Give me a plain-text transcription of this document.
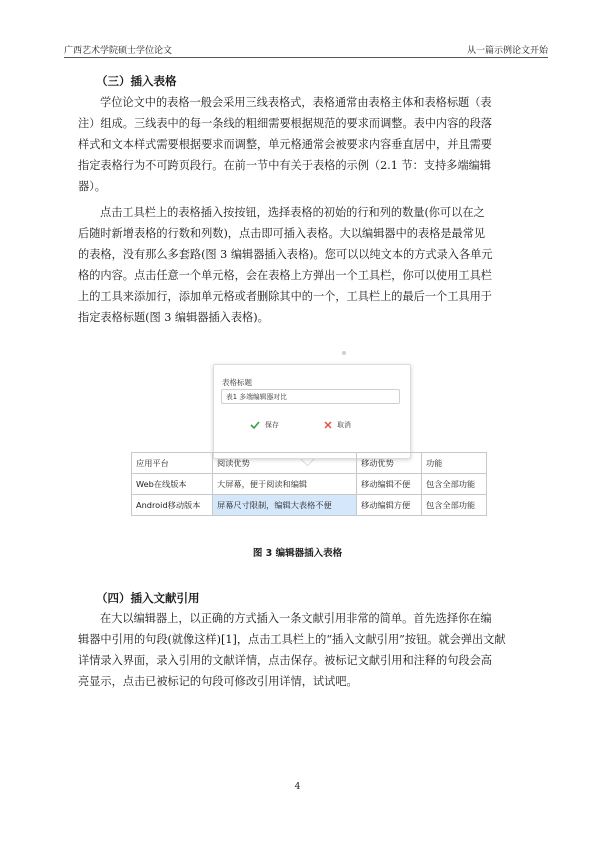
广西艺术学院硕士学位论文	从一篇示例论文开始
（三）插入表格
学位论文中的表格一般会采用三线表格式，表格通常由表格主体和表格标题（表
注）组成。三线表中的每一条线的粗细需要根据规范的要求而调整。表中内容的段落
样式和文本样式需要根据要求而调整，单元格通常会被要求内容垂直居中，并且需要
指定表格行为不可跨页段行。在前一节中有关于表格的示例（2.1 节：支持多端编辑
器）。
点击工具栏上的表格插入按按钮，选择表格的初始的行和列的数量(你可以在之
后随时新增表格的行数和列数)，点击即可插入表格。大以编辑器中的表格是最常见
的表格，没有那么多套路(图 3 编辑器插入表格)。您可以以纯文本的方式录入各单元
格的内容。点击任意一个单元格，会在表格上方弹出一个工具栏，你可以使用工具栏
上的工具来添加行，添加单元格或者删除其中的一个，工具栏上的最后一个工具用于
指定表格标题(图 3 编辑器插入表格)。
表格标题
表1 多端编辑器对比
保存	取消
应用平台	阅读优势	移动优势	功能
Web在线版本	大屏幕，便于阅读和编辑	移动编辑不便	包含全部功能
Android移动版本	屏幕尺寸限制，编辑大表格不便	移动编辑方便	包含全部功能
图 3 编辑器插入表格
（四）插入文献引用
在大以编辑器上，以正确的方式插入一条文献引用非常的简单。首先选择你在编
辑器中引用的句段(就像这样)[1]，点击工具栏上的“插入文献引用”按钮。就会弹出文献
详情录入界面，录入引用的文献详情，点击保存。被标记文献引用和注释的句段会高
亮显示，点击已被标记的句段可修改引用详情，试试吧。
4
